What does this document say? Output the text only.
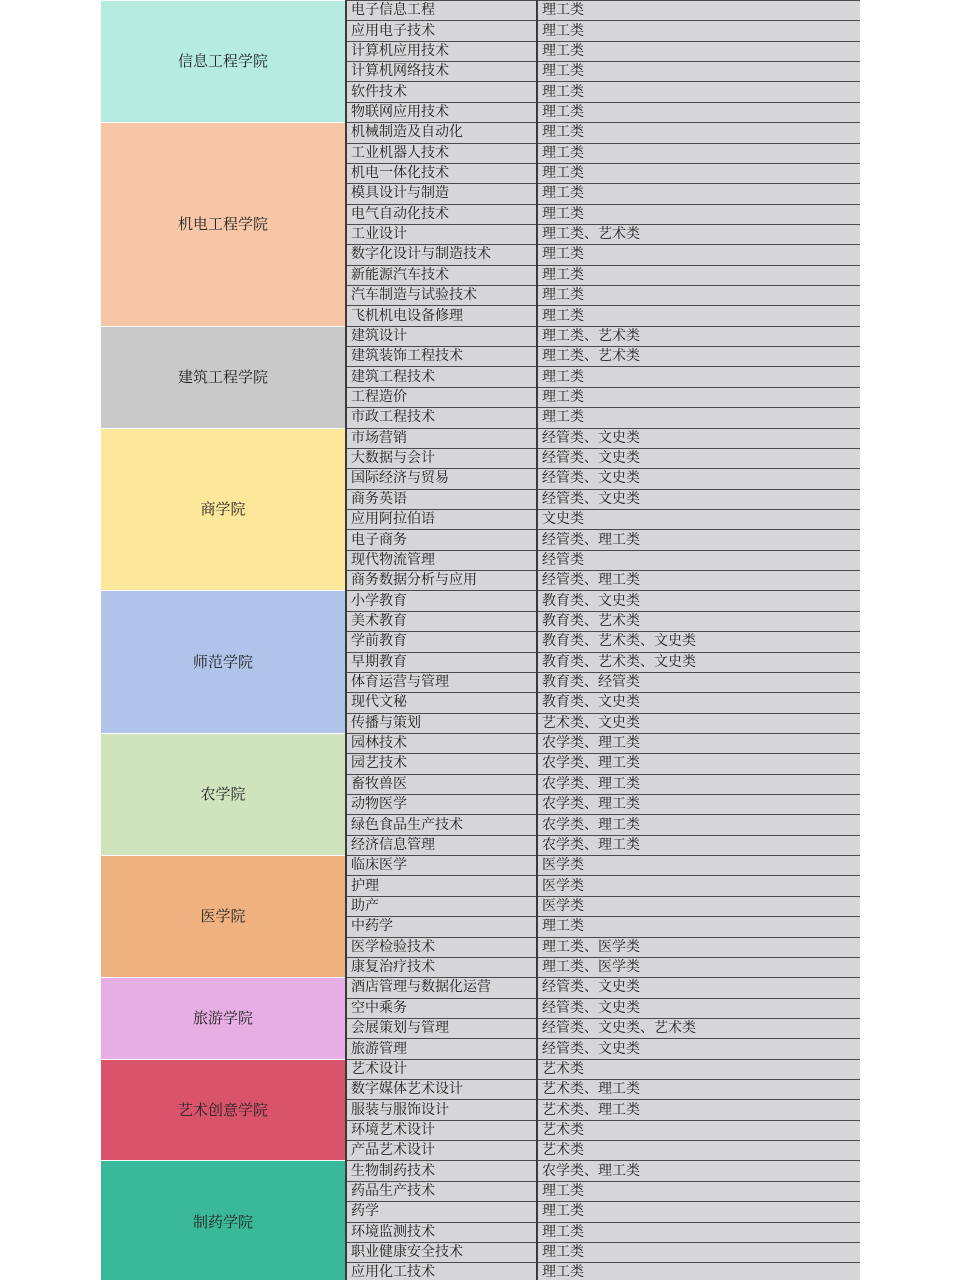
信息工程学院	电子信息工程	理工类
	应用电子技术	理工类
	计算机应用技术	理工类
	计算机网络技术	理工类
	软件技术	理工类
	物联网应用技术	理工类
机电工程学院	机械制造及自动化	理工类
	工业机器人技术	理工类
	机电一体化技术	理工类
	模具设计与制造	理工类
	电气自动化技术	理工类
	工业设计	理工类、艺术类
	数字化设计与制造技术	理工类
	新能源汽车技术	理工类
	汽车制造与试验技术	理工类
	飞机机电设备修理	理工类
建筑工程学院	建筑设计	理工类、艺术类
	建筑装饰工程技术	理工类、艺术类
	建筑工程技术	理工类
	工程造价	理工类
	市政工程技术	理工类
商学院	市场营销	经管类、文史类
	大数据与会计	经管类、文史类
	国际经济与贸易	经管类、文史类
	商务英语	经管类、文史类
	应用阿拉伯语	文史类
	电子商务	经管类、理工类
	现代物流管理	经管类
	商务数据分析与应用	经管类、理工类
师范学院	小学教育	教育类、文史类
	美术教育	教育类、艺术类
	学前教育	教育类、艺术类、文史类
	早期教育	教育类、艺术类、文史类
	体育运营与管理	教育类、经管类
	现代文秘	教育类、文史类
	传播与策划	艺术类、文史类
农学院	园林技术	农学类、理工类
	园艺技术	农学类、理工类
	畜牧兽医	农学类、理工类
	动物医学	农学类、理工类
	绿色食品生产技术	农学类、理工类
	经济信息管理	农学类、理工类
医学院	临床医学	医学类
	护理	医学类
	助产	医学类
	中药学	理工类
	医学检验技术	理工类、医学类
	康复治疗技术	理工类、医学类
旅游学院	酒店管理与数据化运营	经管类、文史类
	空中乘务	经管类、文史类
	会展策划与管理	经管类、文史类、艺术类
	旅游管理	经管类、文史类
艺术创意学院	艺术设计	艺术类
	数字媒体艺术设计	艺术类、理工类
	服装与服饰设计	艺术类、理工类
	环境艺术设计	艺术类
	产品艺术设计	艺术类
制药学院	生物制药技术	农学类、理工类
	药品生产技术	理工类
	药学	理工类
	环境监测技术	理工类
	职业健康安全技术	理工类
	应用化工技术	理工类
